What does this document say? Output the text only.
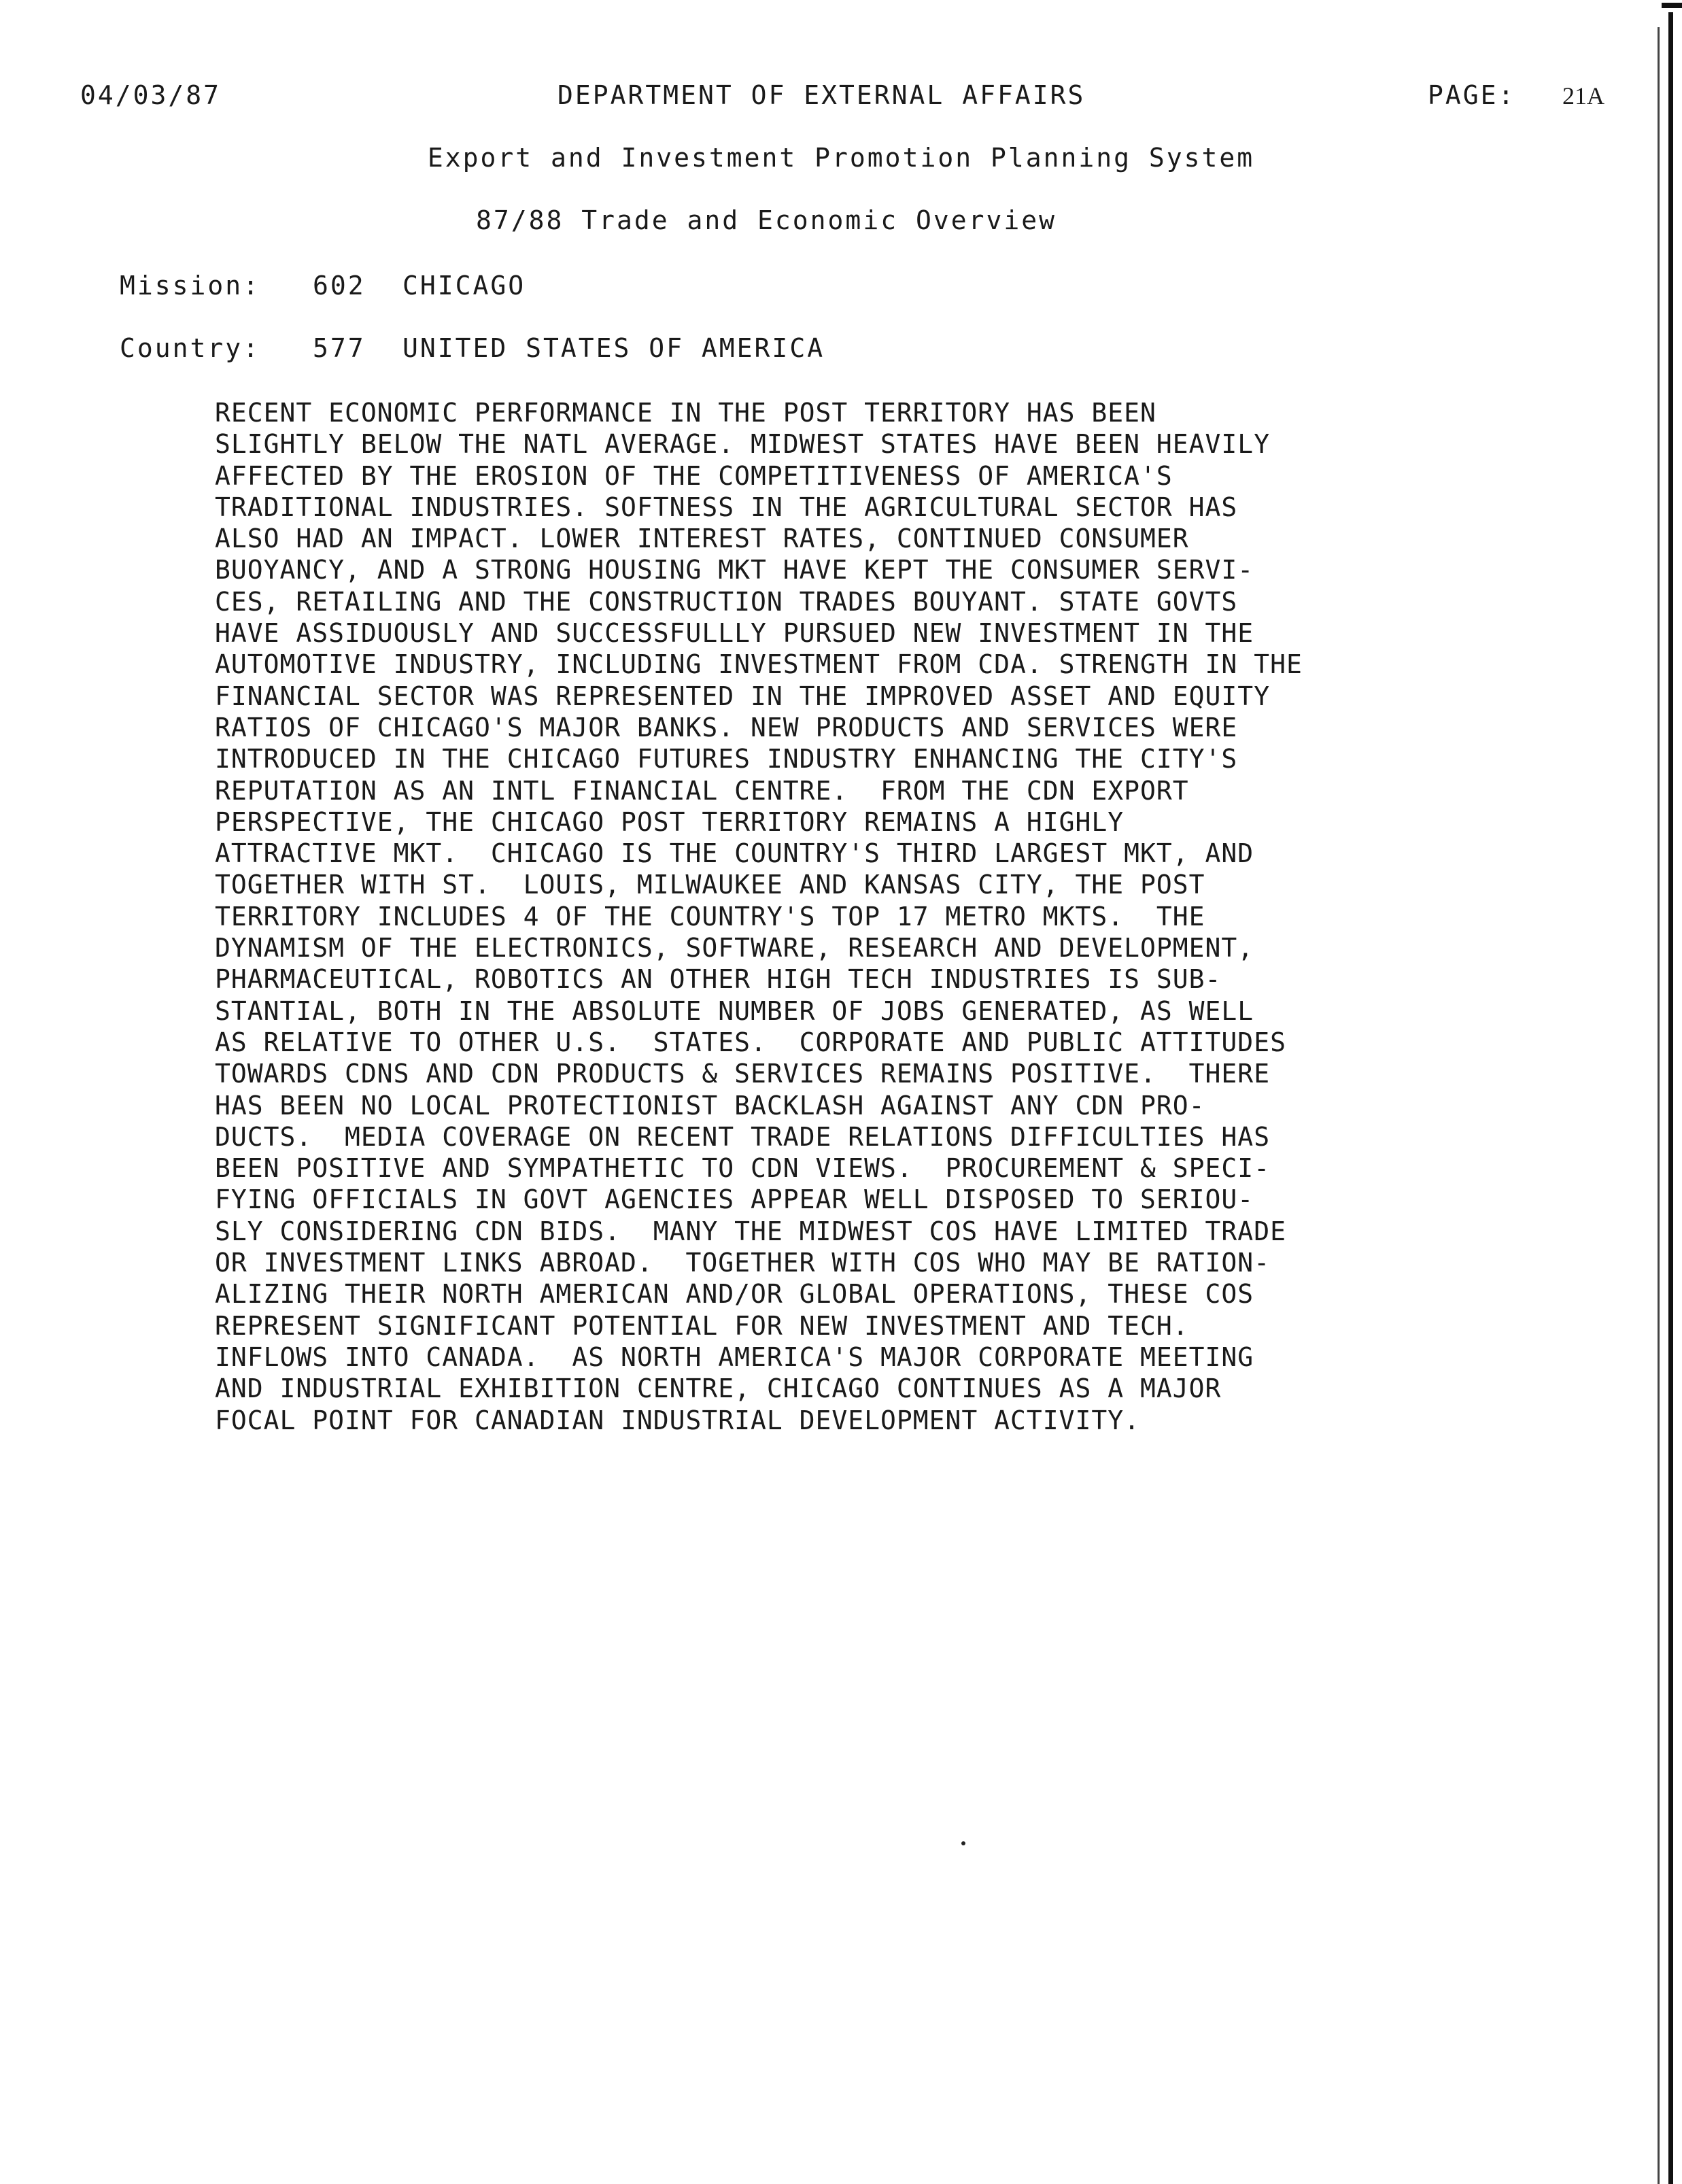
04/03/87	DEPARTMENT OF EXTERNAL AFFAIRS	PAGE: 21A
Export and Investment Promotion Planning System
87/88 Trade and Economic Overview
Mission: 602 CHICAGO
Country: 577 UNITED STATES OF AMERICA
RECENT ECONOMIC PERFORMANCE IN THE POST TERRITORY HAS BEEN
SLIGHTLY BELOW THE NATL AVERAGE. MIDWEST STATES HAVE BEEN HEAVILY
AFFECTED BY THE EROSION OF THE COMPETITIVENESS OF AMERICA'S
TRADITIONAL INDUSTRIES. SOFTNESS IN THE AGRICULTURAL SECTOR HAS
ALSO HAD AN IMPACT. LOWER INTEREST RATES, CONTINUED CONSUMER
BUOYANCY, AND A STRONG HOUSING MKT HAVE KEPT THE CONSUMER SERVI-
CES, RETAILING AND THE CONSTRUCTION TRADES BOUYANT. STATE GOVTS
HAVE ASSIDUOUSLY AND SUCCESSFULLLY PURSUED NEW INVESTMENT IN THE
AUTOMOTIVE INDUSTRY, INCLUDING INVESTMENT FROM CDA. STRENGTH IN THE
FINANCIAL SECTOR WAS REPRESENTED IN THE IMPROVED ASSET AND EQUITY
RATIOS OF CHICAGO'S MAJOR BANKS. NEW PRODUCTS AND SERVICES WERE
INTRODUCED IN THE CHICAGO FUTURES INDUSTRY ENHANCING THE CITY'S
REPUTATION AS AN INTL FINANCIAL CENTRE.  FROM THE CDN EXPORT
PERSPECTIVE, THE CHICAGO POST TERRITORY REMAINS A HIGHLY
ATTRACTIVE MKT.  CHICAGO IS THE COUNTRY'S THIRD LARGEST MKT, AND
TOGETHER WITH ST.  LOUIS, MILWAUKEE AND KANSAS CITY, THE POST
TERRITORY INCLUDES 4 OF THE COUNTRY'S TOP 17 METRO MKTS.  THE
DYNAMISM OF THE ELECTRONICS, SOFTWARE, RESEARCH AND DEVELOPMENT,
PHARMACEUTICAL, ROBOTICS AN OTHER HIGH TECH INDUSTRIES IS SUB-
STANTIAL, BOTH IN THE ABSOLUTE NUMBER OF JOBS GENERATED, AS WELL
AS RELATIVE TO OTHER U.S.  STATES.  CORPORATE AND PUBLIC ATTITUDES
TOWARDS CDNS AND CDN PRODUCTS & SERVICES REMAINS POSITIVE.  THERE
HAS BEEN NO LOCAL PROTECTIONIST BACKLASH AGAINST ANY CDN PRO-
DUCTS.  MEDIA COVERAGE ON RECENT TRADE RELATIONS DIFFICULTIES HAS
BEEN POSITIVE AND SYMPATHETIC TO CDN VIEWS.  PROCUREMENT & SPECI-
FYING OFFICIALS IN GOVT AGENCIES APPEAR WELL DISPOSED TO SERIOU-
SLY CONSIDERING CDN BIDS.  MANY THE MIDWEST COS HAVE LIMITED TRADE
OR INVESTMENT LINKS ABROAD.  TOGETHER WITH COS WHO MAY BE RATION-
ALIZING THEIR NORTH AMERICAN AND/OR GLOBAL OPERATIONS, THESE COS
REPRESENT SIGNIFICANT POTENTIAL FOR NEW INVESTMENT AND TECH.
INFLOWS INTO CANADA.  AS NORTH AMERICA'S MAJOR CORPORATE MEETING
AND INDUSTRIAL EXHIBITION CENTRE, CHICAGO CONTINUES AS A MAJOR
FOCAL POINT FOR CANADIAN INDUSTRIAL DEVELOPMENT ACTIVITY.
